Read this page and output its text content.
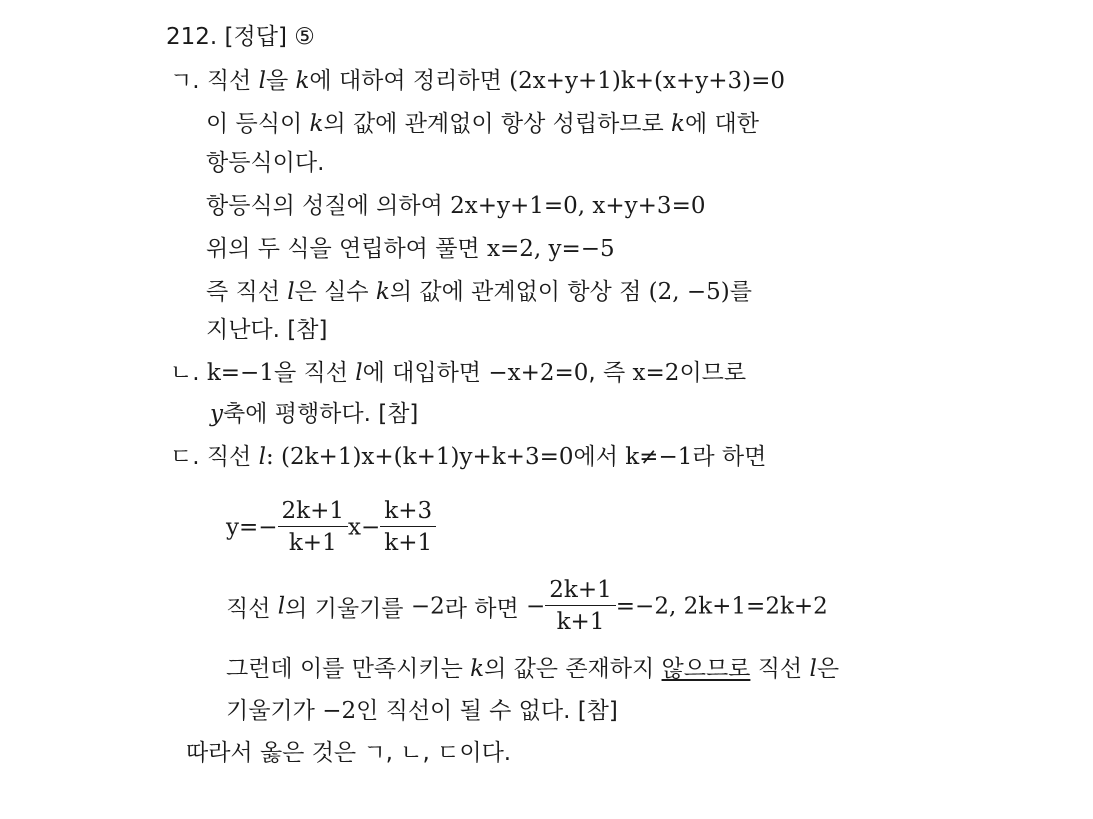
212. [정답] ⑤
ㄱ. 직선 l을 k에 대하여 정리하면 (2x+y+1)k+(x+y+3)=0
이 등식이 k의 값에 관계없이 항상 성립하므로 k에 대한
항등식이다.
항등식의 성질에 의하여 2x+y+1=0, x+y+3=0
위의 두 식을 연립하여 풀면 x=2, y=−5
즉 직선 l은 실수 k의 값에 관계없이 항상 점 (2, −5)를
지난다. [참]
ㄴ. k=−1을 직선 l에 대입하면 −x+2=0, 즉 x=2이므로
y축에 평행하다. [참]
ㄷ. 직선 l: (2k+1)x+(k+1)y+k+3=0에서 k≠−1라 하면
$y=- \frac{2k+1}{k+1} x- \frac{k+3}{k+1}$
직선 l의 기울기를 −2라 하면 − $\frac{2k+1}{k+1} =-2$, 2k+1=2k+2
그런데 이를 만족시키는 k의 값은 존재하지 않으므로 직선 l은
기울기가 −2인 직선이 될 수 없다. [참]
따라서 옳은 것은 ㄱ, ㄴ, ㄷ이다.
